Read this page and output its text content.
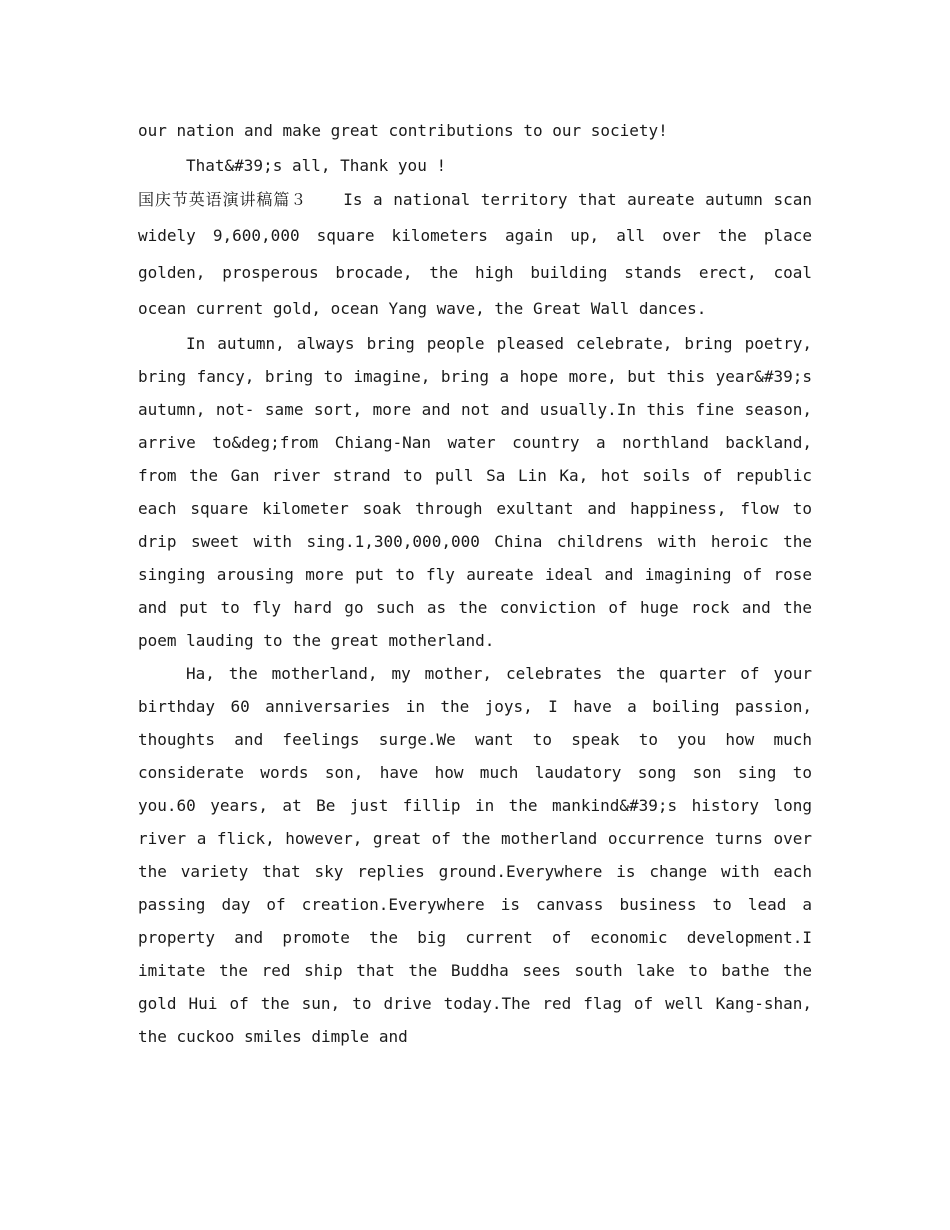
our nation and make great contributions to our society!

That&#39;s all, Thank you !

国庆节英语演讲稿篇３ Is a national territory that aureate autumn scan widely 9,600,000 square kilometers again up, all over the place golden, prosperous brocade, the high building stands erect, coal ocean current gold, ocean Yang wave, the Great Wall dances.

In autumn, always bring people pleased celebrate, bring poetry, bring fancy, bring to imagine, bring a hope more, but this year&#39;s autumn, not- same sort, more and not and usually.In this fine season, arrive to&deg;from Chiang-Nan water country a northland backland, from the Gan river strand to pull Sa Lin Ka, hot soils of republic each square kilometer soak through exultant and happiness, flow to drip sweet with sing.1,300,000,000 China childrens with heroic the singing arousing more put to fly aureate ideal and imagining of rose and put to fly hard go such as the conviction of huge rock and the poem lauding to the great motherland.

Ha, the motherland, my mother, celebrates the quarter of your birthday 60 anniversaries in the joys, I have a boiling passion, thoughts and feelings surge.We want to speak to you how much considerate words son, have how much laudatory song son sing to you.60 years, at Be just fillip in the mankind&#39;s history long river a flick, however, great of the motherland occurrence turns over the variety that sky replies ground.Everywhere is change with each passing day of creation.Everywhere is canvass business to lead a property and promote the big current of economic development.I imitate the red ship that the Buddha sees south lake to bathe the gold Hui of the sun, to drive today.The red flag of well Kang-shan, the cuckoo smiles dimple and
